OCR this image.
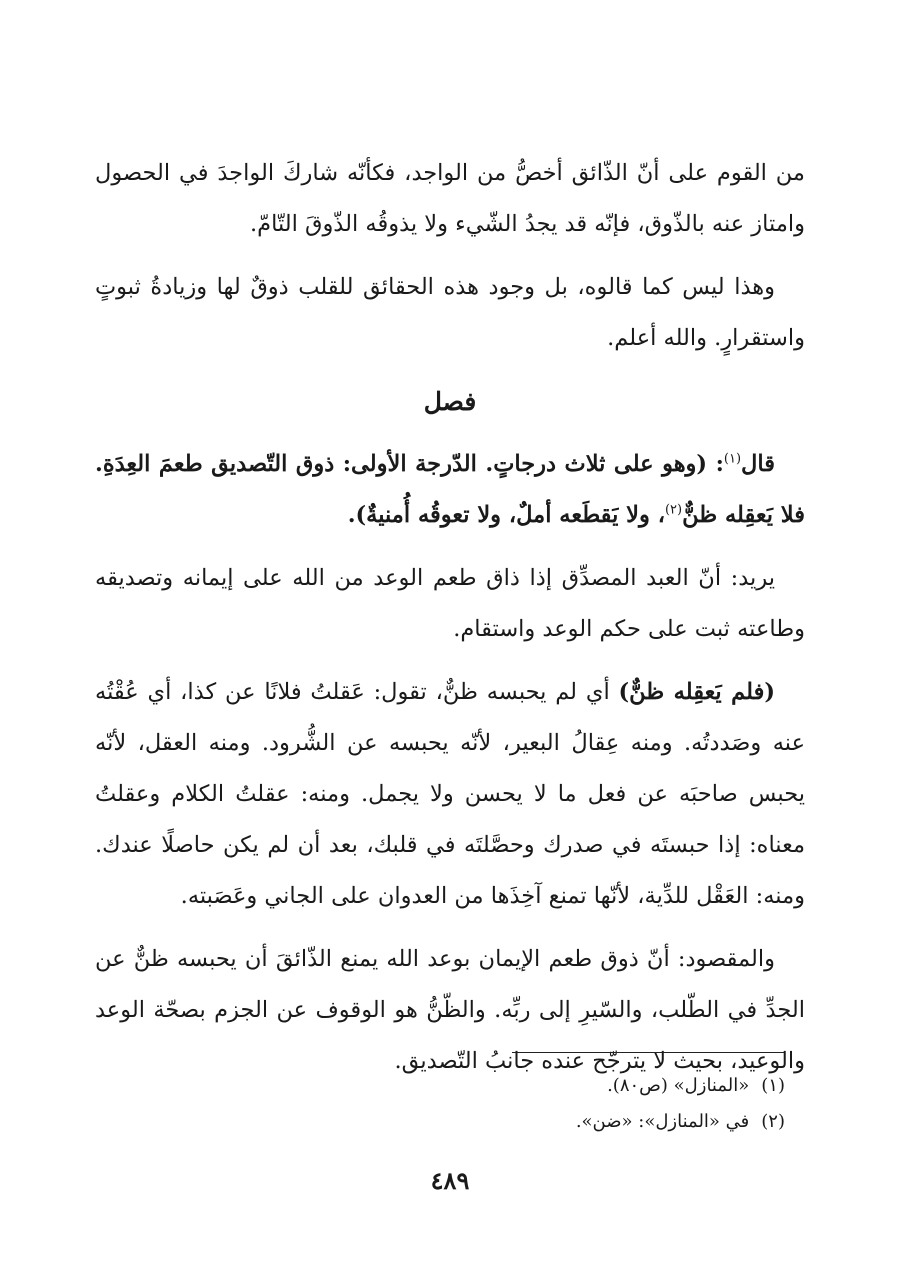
من القوم على أنّ الذّائق أخصُّ من الواجد، فكأنّه شاركَ الواجدَ في الحصول وامتاز عنه بالذّوق، فإنّه قد يجدُ الشّيء ولا يذوقُه الذّوقَ التّامّ.

وهذا ليس كما قالوه، بل وجود هذه الحقائق للقلب ذوقٌ لها وزيادةُ ثبوتٍ واستقرارٍ. والله أعلم.

فصل

قال$^{(١)}$: (وهو على ثلاث درجاتٍ. الدّرجة الأولى: ذوق التّصديق طعمَ العِدَةِ. فلا يَعقِله ظنٌّ$^{(٢)}$، ولا يَقطَعه أملٌ، ولا تعوقُه أُمنيةٌ).

يريد: أنّ العبد المصدِّق إذا ذاق طعم الوعد من الله على إيمانه وتصديقه وطاعته ثبت على حكم الوعد واستقام.

(فلم يَعقِله ظنٌّ) أي لم يحبسه ظنٌّ، تقول: عَقلتُ فلانًا عن كذا، أي عُقْتُه عنه وصَددتُه. ومنه عِقالُ البعير، لأنّه يحبسه عن الشُّرود. ومنه العقل، لأنّه يحبس صاحبَه عن فعل ما لا يحسن ولا يجمل. ومنه: عقلتُ الكلام وعقلتُ معناه: إذا حبستَه في صدرك وحصَّلتَه في قلبك، بعد أن لم يكن حاصلًا عندك. ومنه: العَقْل للدِّية، لأنّها تمنع آخِذَها من العدوان على الجاني وعَصَبته.

والمقصود: أنّ ذوق طعم الإيمان بوعد الله يمنع الذّائقَ أن يحبسه ظنٌّ عن الجدِّ في الطّلب، والسّيرِ إلى ربِّه. والظّنُّ هو الوقوف عن الجزم بصحّة الوعد والوعيد، بحيث لا يترجّح عنده جانبُ التّصديق.

(١)«المنازل» (ص٨٠).
(٢)في «المنازل»: «ضن».
٤٨٩
